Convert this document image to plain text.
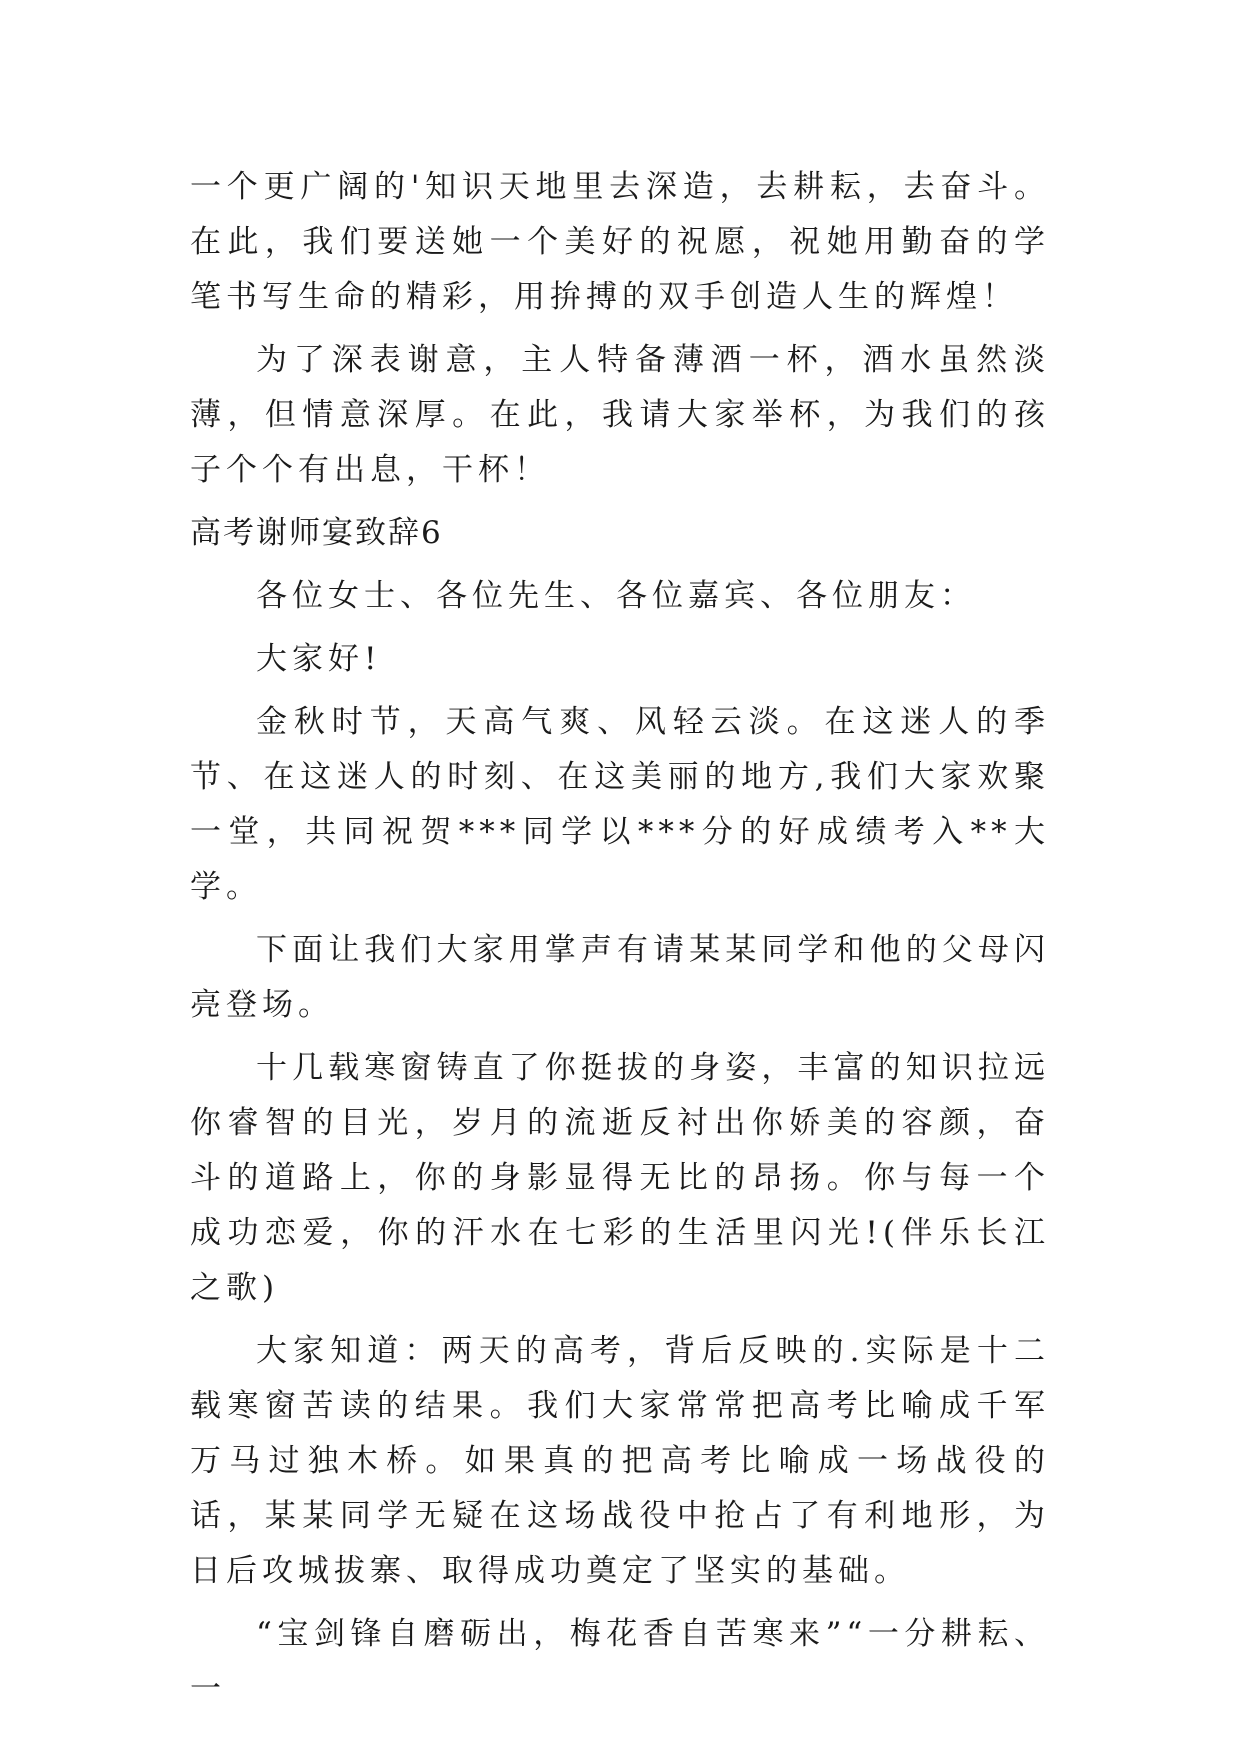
一个更广阔的'知识天地里去深造，去耕耘，去奋斗。在此，我们要送她一个美好的祝愿，祝她用勤奋的学笔书写生命的精彩，用拚搏的双手创造人生的辉煌！

为了深表谢意，主人特备薄酒一杯，酒水虽然淡薄，但情意深厚。在此，我请大家举杯，为我们的孩子个个有出息，干杯！

高考谢师宴致辞6

各位女士、各位先生、各位嘉宾、各位朋友：

大家好!

金秋时节，天高气爽、风轻云淡。在这迷人的季节、在这迷人的时刻、在这美丽的地方,我们大家欢聚一堂，共同祝贺***同学以***分的好成绩考入**大学。

下面让我们大家用掌声有请某某同学和他的父母闪亮登场。

十几载寒窗铸直了你挺拔的身姿，丰富的知识拉远你睿智的目光，岁月的流逝反衬出你娇美的容颜，奋斗的道路上，你的身影显得无比的昂扬。你与每一个成功恋爱，你的汗水在七彩的生活里闪光!(伴乐长江之歌)

大家知道：两天的高考，背后反映的.实际是十二载寒窗苦读的结果。我们大家常常把高考比喻成千军万马过独木桥。如果真的把高考比喻成一场战役的话，某某同学无疑在这场战役中抢占了有利地形，为日后攻城拔寨、取得成功奠定了坚实的基础。

“宝剑锋自磨砺出，梅花香自苦寒来”“一分耕耘、一
